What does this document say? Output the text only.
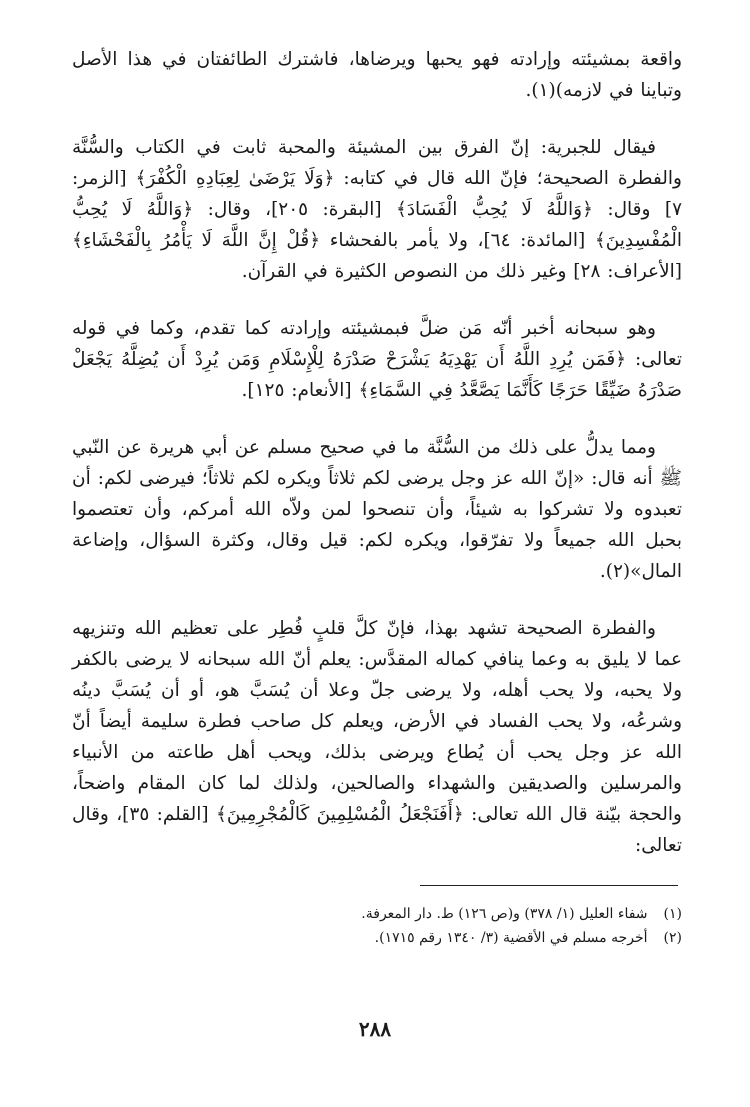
واقعة بمشيئته وإرادته فهو يحبها ويرضاها، فاشترك الطائفتان في هذا الأصل وتباينا في لازمه)(١).

فيقال للجبرية: إنّ الفرق بين المشيئة والمحبة ثابت في الكتاب والسُّنَّة والفطرة الصحيحة؛ فإنّ الله قال في كتابه: ﴿وَلَا يَرْضَىٰ لِعِبَادِهِ الْكُفْرَ﴾ [الزمر: ٧] وقال: ﴿وَاللَّهُ لَا يُحِبُّ الْفَسَادَ﴾ [البقرة: ٢٠٥]، وقال: ﴿وَاللَّهُ لَا يُحِبُّ الْمُفْسِدِينَ﴾ [المائدة: ٦٤]، ولا يأمر بالفحشاء ﴿قُلْ إِنَّ اللَّهَ لَا يَأْمُرُ بِالْفَحْشَاءِ﴾ [الأعراف: ٢٨] وغير ذلك من النصوص الكثيرة في القرآن.

وهو سبحانه أخبر أنّه مَن ضلَّ فبمشيئته وإرادته كما تقدم، وكما في قوله تعالى: ﴿فَمَن يُرِدِ اللَّهُ أَن يَهْدِيَهُ يَشْرَحْ صَدْرَهُ لِلْإِسْلَامِ وَمَن يُرِدْ أَن يُضِلَّهُ يَجْعَلْ صَدْرَهُ ضَيِّقًا حَرَجًا كَأَنَّمَا يَصَّعَّدُ فِي السَّمَاءِ﴾ [الأنعام: ١٢٥].

ومما يدلُّ على ذلك من السُّنَّة ما في صحيح مسلم عن أبي هريرة عن النّبي ﷺ أنه قال: «إنّ الله عز وجل يرضى لكم ثلاثاً ويكره لكم ثلاثاً؛ فيرضى لكم: أن تعبدوه ولا تشركوا به شيئاً، وأن تنصحوا لمن ولاّه الله أمركم، وأن تعتصموا بحبل الله جميعاً ولا تفرّقوا، ويكره لكم: قيل وقال، وكثرة السؤال، وإضاعة المال»(٢).

والفطرة الصحيحة تشهد بهذا، فإنّ كلَّ قلبٍ فُطِر على تعظيم الله وتنزيهه عما لا يليق به وعما ينافي كماله المقدَّس: يعلم أنّ الله سبحانه لا يرضى بالكفر ولا يحبه، ولا يحب أهله، ولا يرضى جلّ وعلا أن يُسَبَّ هو، أو أن يُسَبَّ دينُه وشرعُه، ولا يحب الفساد في الأرض، ويعلم كل صاحب فطرة سليمة أيضاً أنّ الله عز وجل يحب أن يُطاع ويرضى بذلك، ويحب أهل طاعته من الأنبياء والمرسلين والصديقين والشهداء والصالحين، ولذلك لما كان المقام واضحاً، والحجة بيّنة قال الله تعالى: ﴿أَفَنَجْعَلُ الْمُسْلِمِينَ كَالْمُجْرِمِينَ﴾ [القلم: ٣٥]، وقال تعالى:

(١)
شفاء العليل (١/ ٣٧٨) و(ص ١٢٦) ط. دار المعرفة.
(٢)
أخرجه مسلم في الأقضية (٣/ ١٣٤٠ رقم ١٧١٥).
٢٨٨
